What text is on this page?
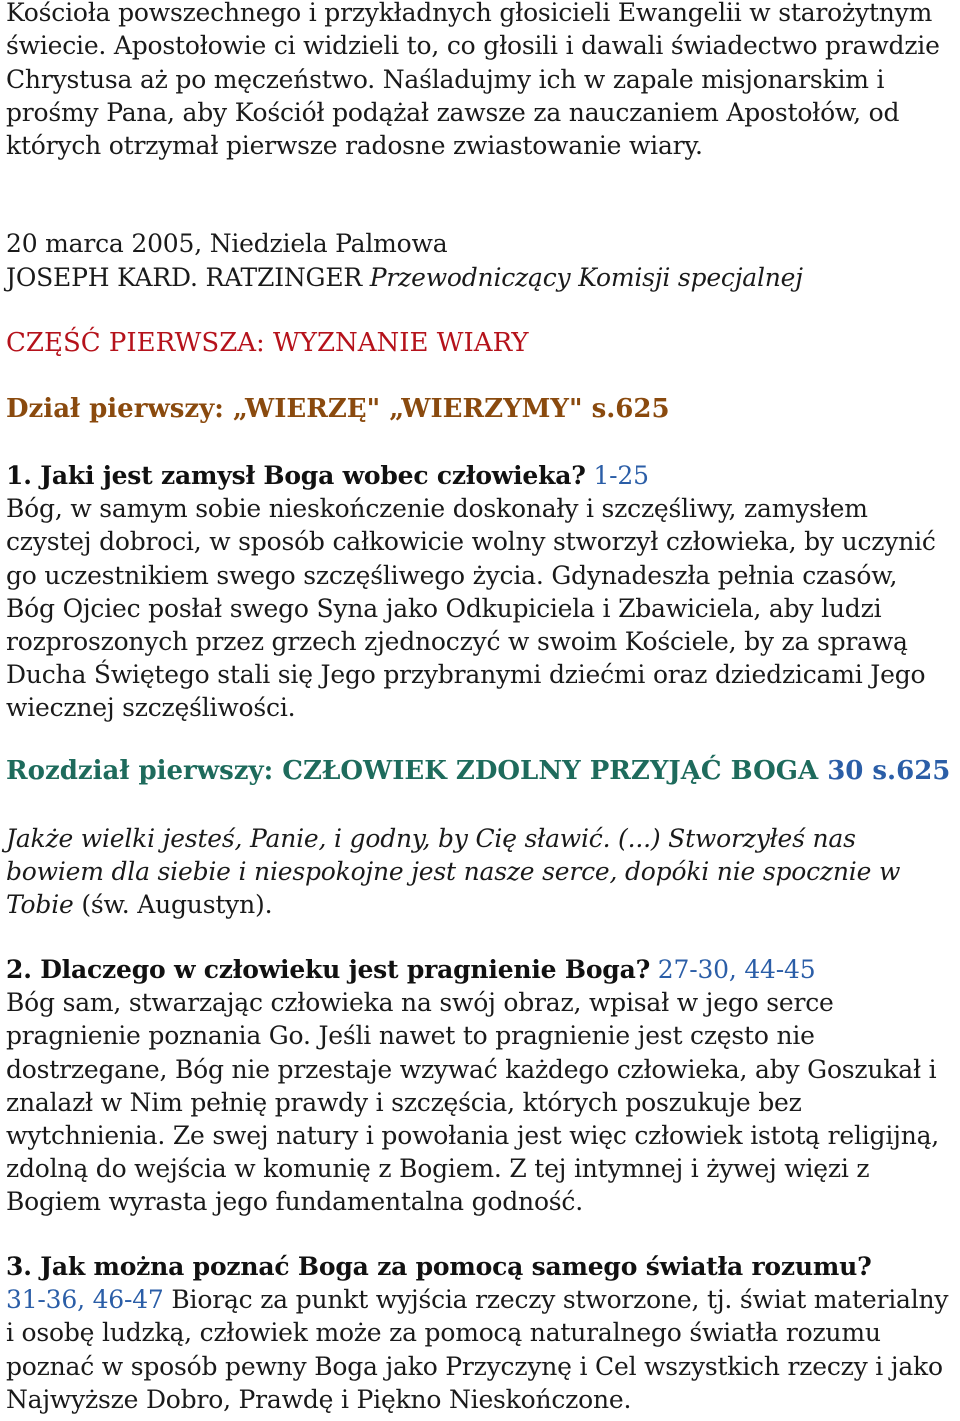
Kościoła powszechnego i przykładnych głosicieli Ewangelii w starożytnym świecie. Apostołowie ci widzieli to, co głosili i dawali świadectwo prawdzie Chrystusa aż po męczeństwo. Naśladujmy ich w zapale misjonarskim i prośmy Pana, aby Kościół podążał zawsze za nauczaniem Apostołów, od których otrzymał pierwsze radosne zwiastowanie wiary.

20 marca 2005, Niedziela Palmowa
JOSEPH KARD. RATZINGER Przewodniczący Komisji specjalnej
CZĘŚĆ PIERWSZA: WYZNANIE WIARY
Dział pierwszy: „WIERZĘ" „WIERZYMY" s.625

1. Jaki jest zamysł Boga wobec człowieka? 1-25
Bóg, w samym sobie nieskończenie doskonały i szczęśliwy, zamysłem czystej dobroci, w sposób całkowicie wolny stworzył człowieka, by uczynić go uczestnikiem swego szczęśliwego życia. Gdynadeszła pełnia czasów, Bóg Ojciec posłał swego Syna jako Odkupiciela i Zbawiciela, aby ludzi rozproszonych przez grzech zjednoczyć w swoim Kościele, by za sprawą Ducha Świętego stali się Jego przybranymi dziećmi oraz dziedzicami Jego wiecznej szczęśliwości.

Rozdział pierwszy: CZŁOWIEK ZDOLNY PRZYJĄĆ BOGA 30 s.625

Jakże wielki jesteś, Panie, i godny, by Cię sławić. (...) Stworzyłeś nas bowiem dla siebie i niespokojne jest nasze serce, dopóki nie spocznie w Tobie (św. Augustyn).

2. Dlaczego w człowieku jest pragnienie Boga? 27-30, 44-45
Bóg sam, stwarzając człowieka na swój obraz, wpisał w jego serce pragnienie poznania Go. Jeśli nawet to pragnienie jest często nie dostrzegane, Bóg nie przestaje wzywać każdego człowieka, aby Goszukał i znalazł w Nim pełnię prawdy i szczęścia, których poszukuje bez wytchnienia. Ze swej natury i powołania jest więc człowiek istotą religijną, zdolną do wejścia w komunię z Bogiem. Z tej intymnej i żywej więzi z Bogiem wyrasta jego fundamentalna godność.

3. Jak można poznać Boga za pomocą samego światła rozumu?
31-36, 46-47 Biorąc za punkt wyjścia rzeczy stworzone, tj. świat materialny i osobę ludzką, człowiek może za pomocą naturalnego światła rozumu poznać w sposób pewny Boga jako Przyczynę i Cel wszystkich rzeczy i jako Najwyższe Dobro, Prawdę i Piękno Nieskończone.
